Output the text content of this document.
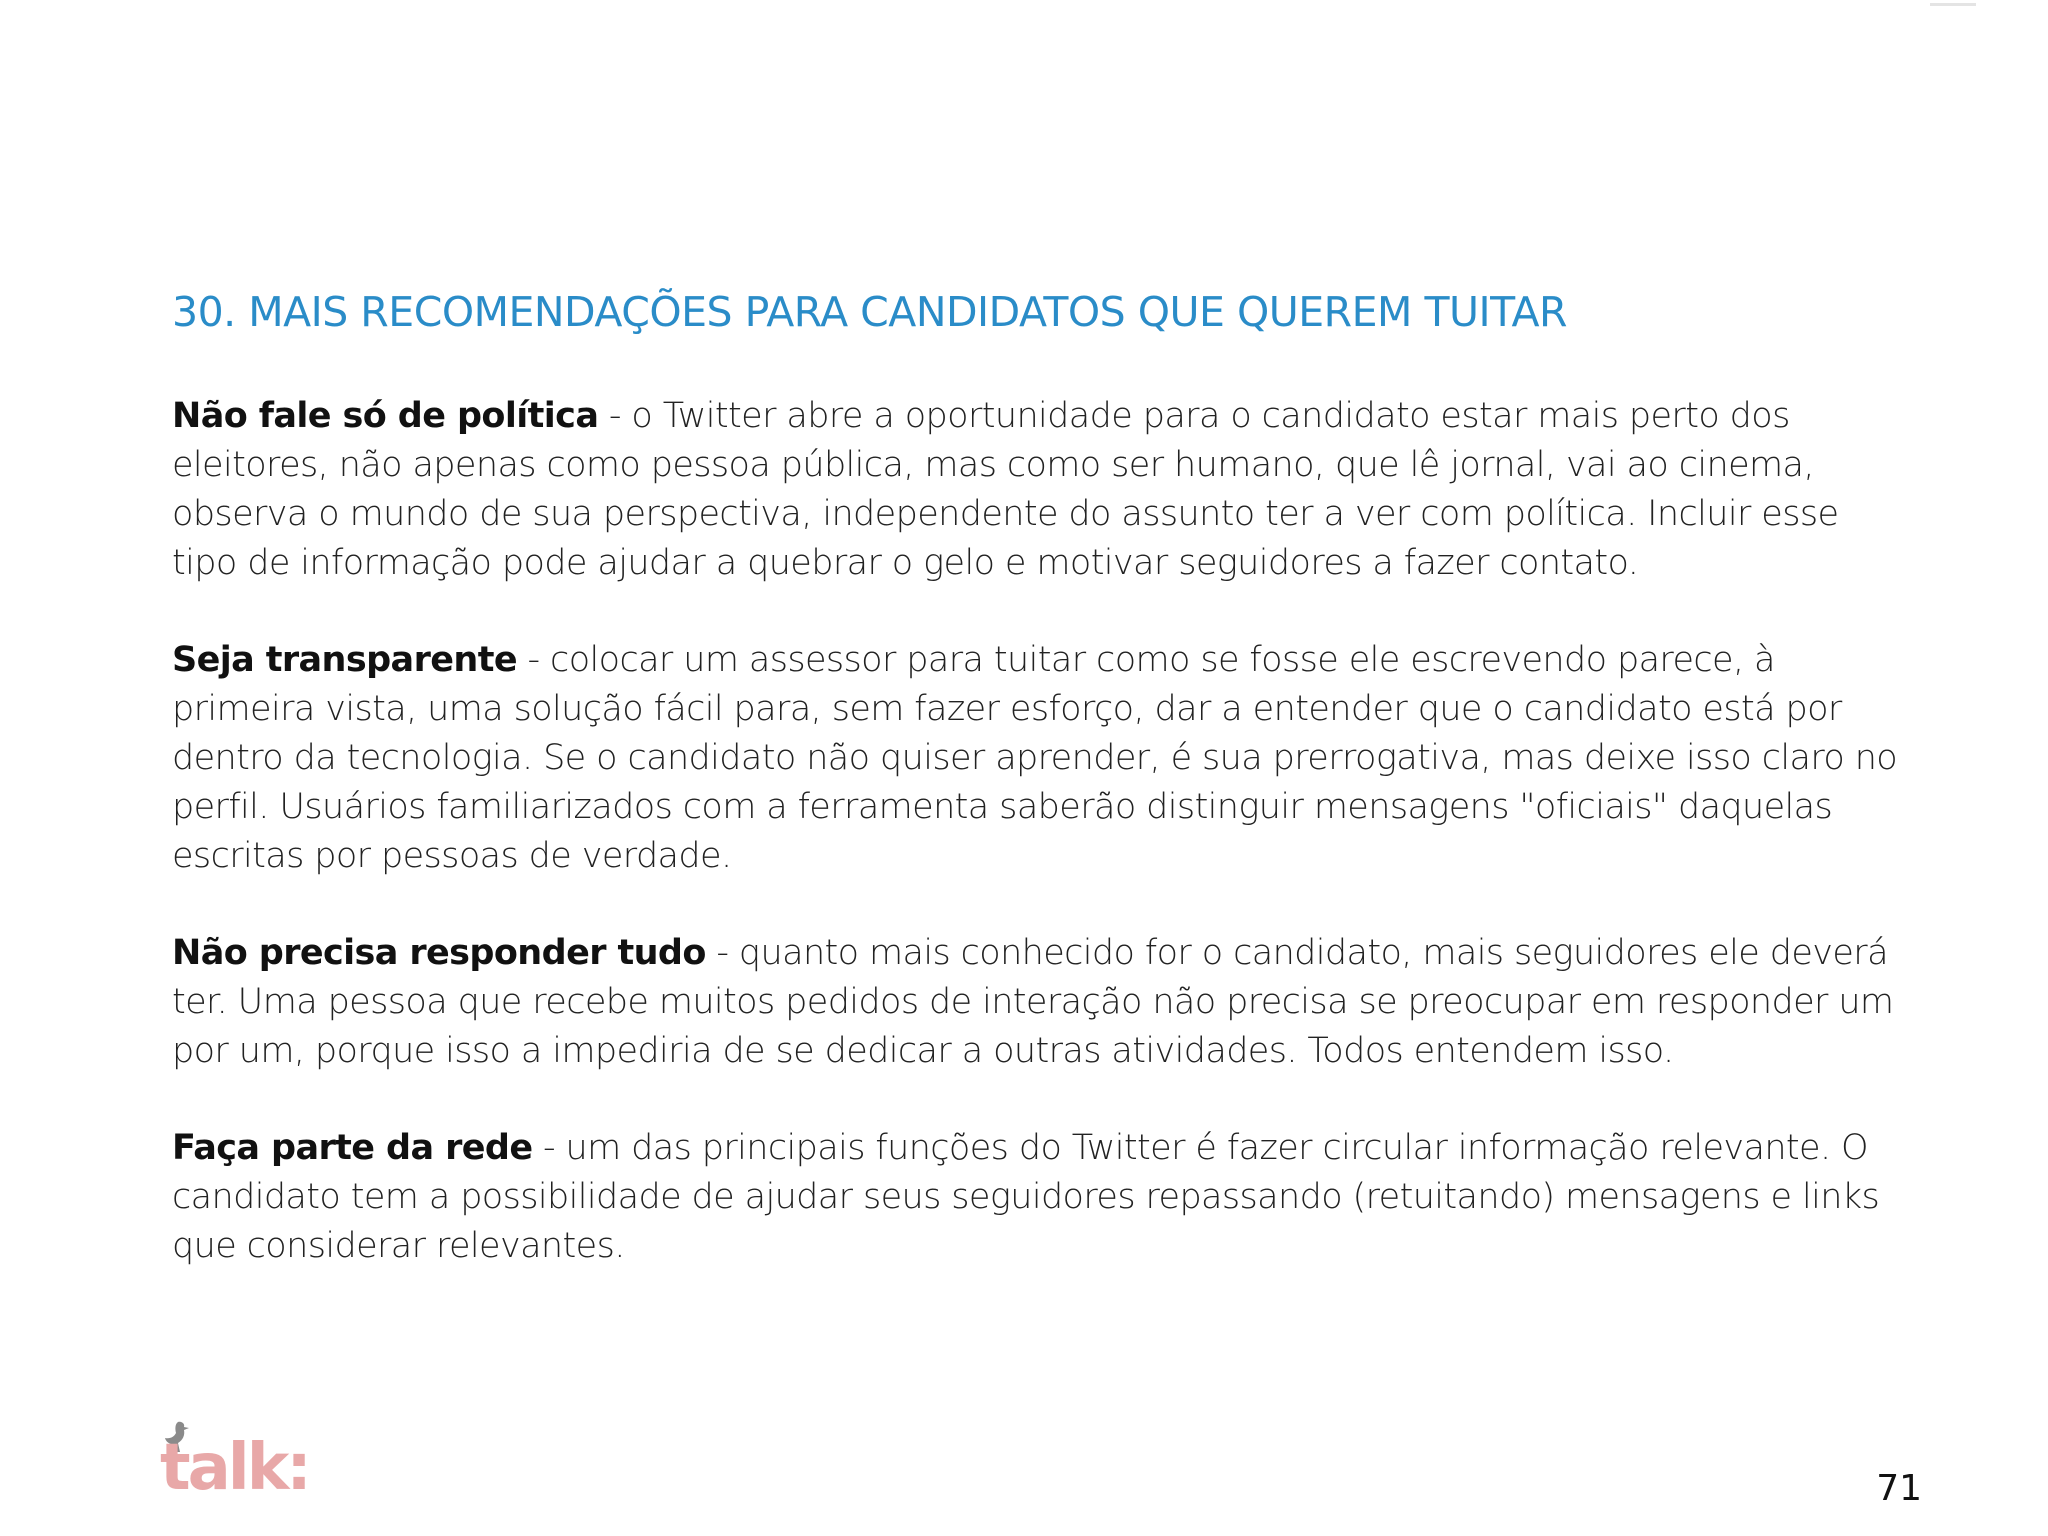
30. MAIS RECOMENDAÇÕES PARA CANDIDATOS QUE QUEREM TUITAR

Não fale só de política - o Twitter abre a oportunidade para o candidato estar mais perto dos eleitores, não apenas como pessoa pública, mas como ser humano, que lê jornal, vai ao cinema, observa o mundo de sua perspectiva, independente do assunto ter a ver com política. Incluir esse tipo de informação pode ajudar a quebrar o gelo e motivar seguidores a fazer contato.

Seja transparente - colocar um assessor para tuitar como se fosse ele escrevendo parece, à primeira vista, uma solução fácil para, sem fazer esforço, dar a entender que o candidato está por dentro da tecnologia. Se o candidato não quiser aprender, é sua prerrogativa, mas deixe isso claro no perfil. Usuários familiarizados com a ferramenta saberão distinguir mensagens "oficiais" daquelas escritas por pessoas de verdade.

Não precisa responder tudo - quanto mais conhecido for o candidato, mais seguidores ele deverá ter. Uma pessoa que recebe muitos pedidos de interação não precisa se preocupar em responder um por um, porque isso a impediria de se dedicar a outras atividades. Todos entendem isso.

Faça parte da rede - um das principais funções do Twitter é fazer circular informação relevante. O candidato tem a possibilidade de ajudar seus seguidores repassando (retuitando) mensagens e links que considerar relevantes.

talk:	71
